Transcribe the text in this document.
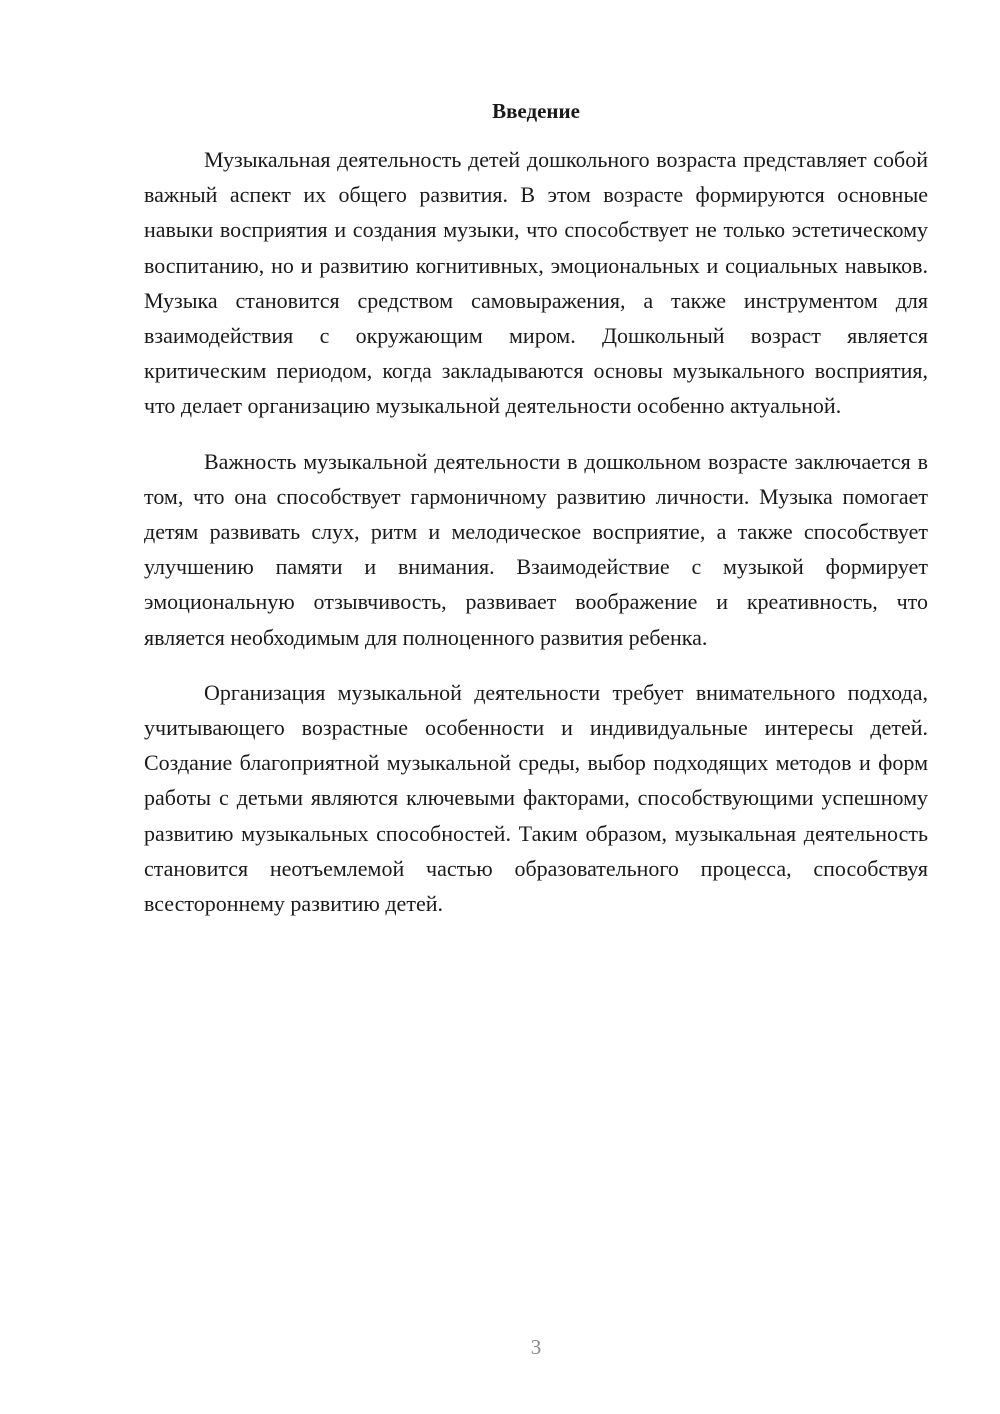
Введение

Музыкальная деятельность детей дошкольного возраста представляет собой важный аспект их общего развития. В этом возрасте формируются основные навыки восприятия и создания музыки, что способствует не только эстетическому воспитанию, но и развитию когнитивных, эмоциональных и социальных навыков. Музыка становится средством самовыражения, а также инструментом для взаимодействия с окружающим миром. Дошкольный возраст является критическим периодом, когда закладываются основы музыкального восприятия, что делает организацию музыкальной деятельности особенно актуальной.

Важность музыкальной деятельности в дошкольном возрасте заключается в том, что она способствует гармоничному развитию личности. Музыка помогает детям развивать слух, ритм и мелодическое восприятие, а также способствует улучшению памяти и внимания. Взаимодействие с музыкой формирует эмоциональную отзывчивость, развивает воображение и креативность, что является необходимым для полноценного развития ребенка.

Организация музыкальной деятельности требует внимательного подхода, учитывающего возрастные особенности и индивидуальные интересы детей. Создание благоприятной музыкальной среды, выбор подходящих методов и форм работы с детьми являются ключевыми факторами, способствующими успешному развитию музыкальных способностей. Таким образом, музыкальная деятельность становится неотъемлемой частью образовательного процесса, способствуя всестороннему развитию детей.

3
